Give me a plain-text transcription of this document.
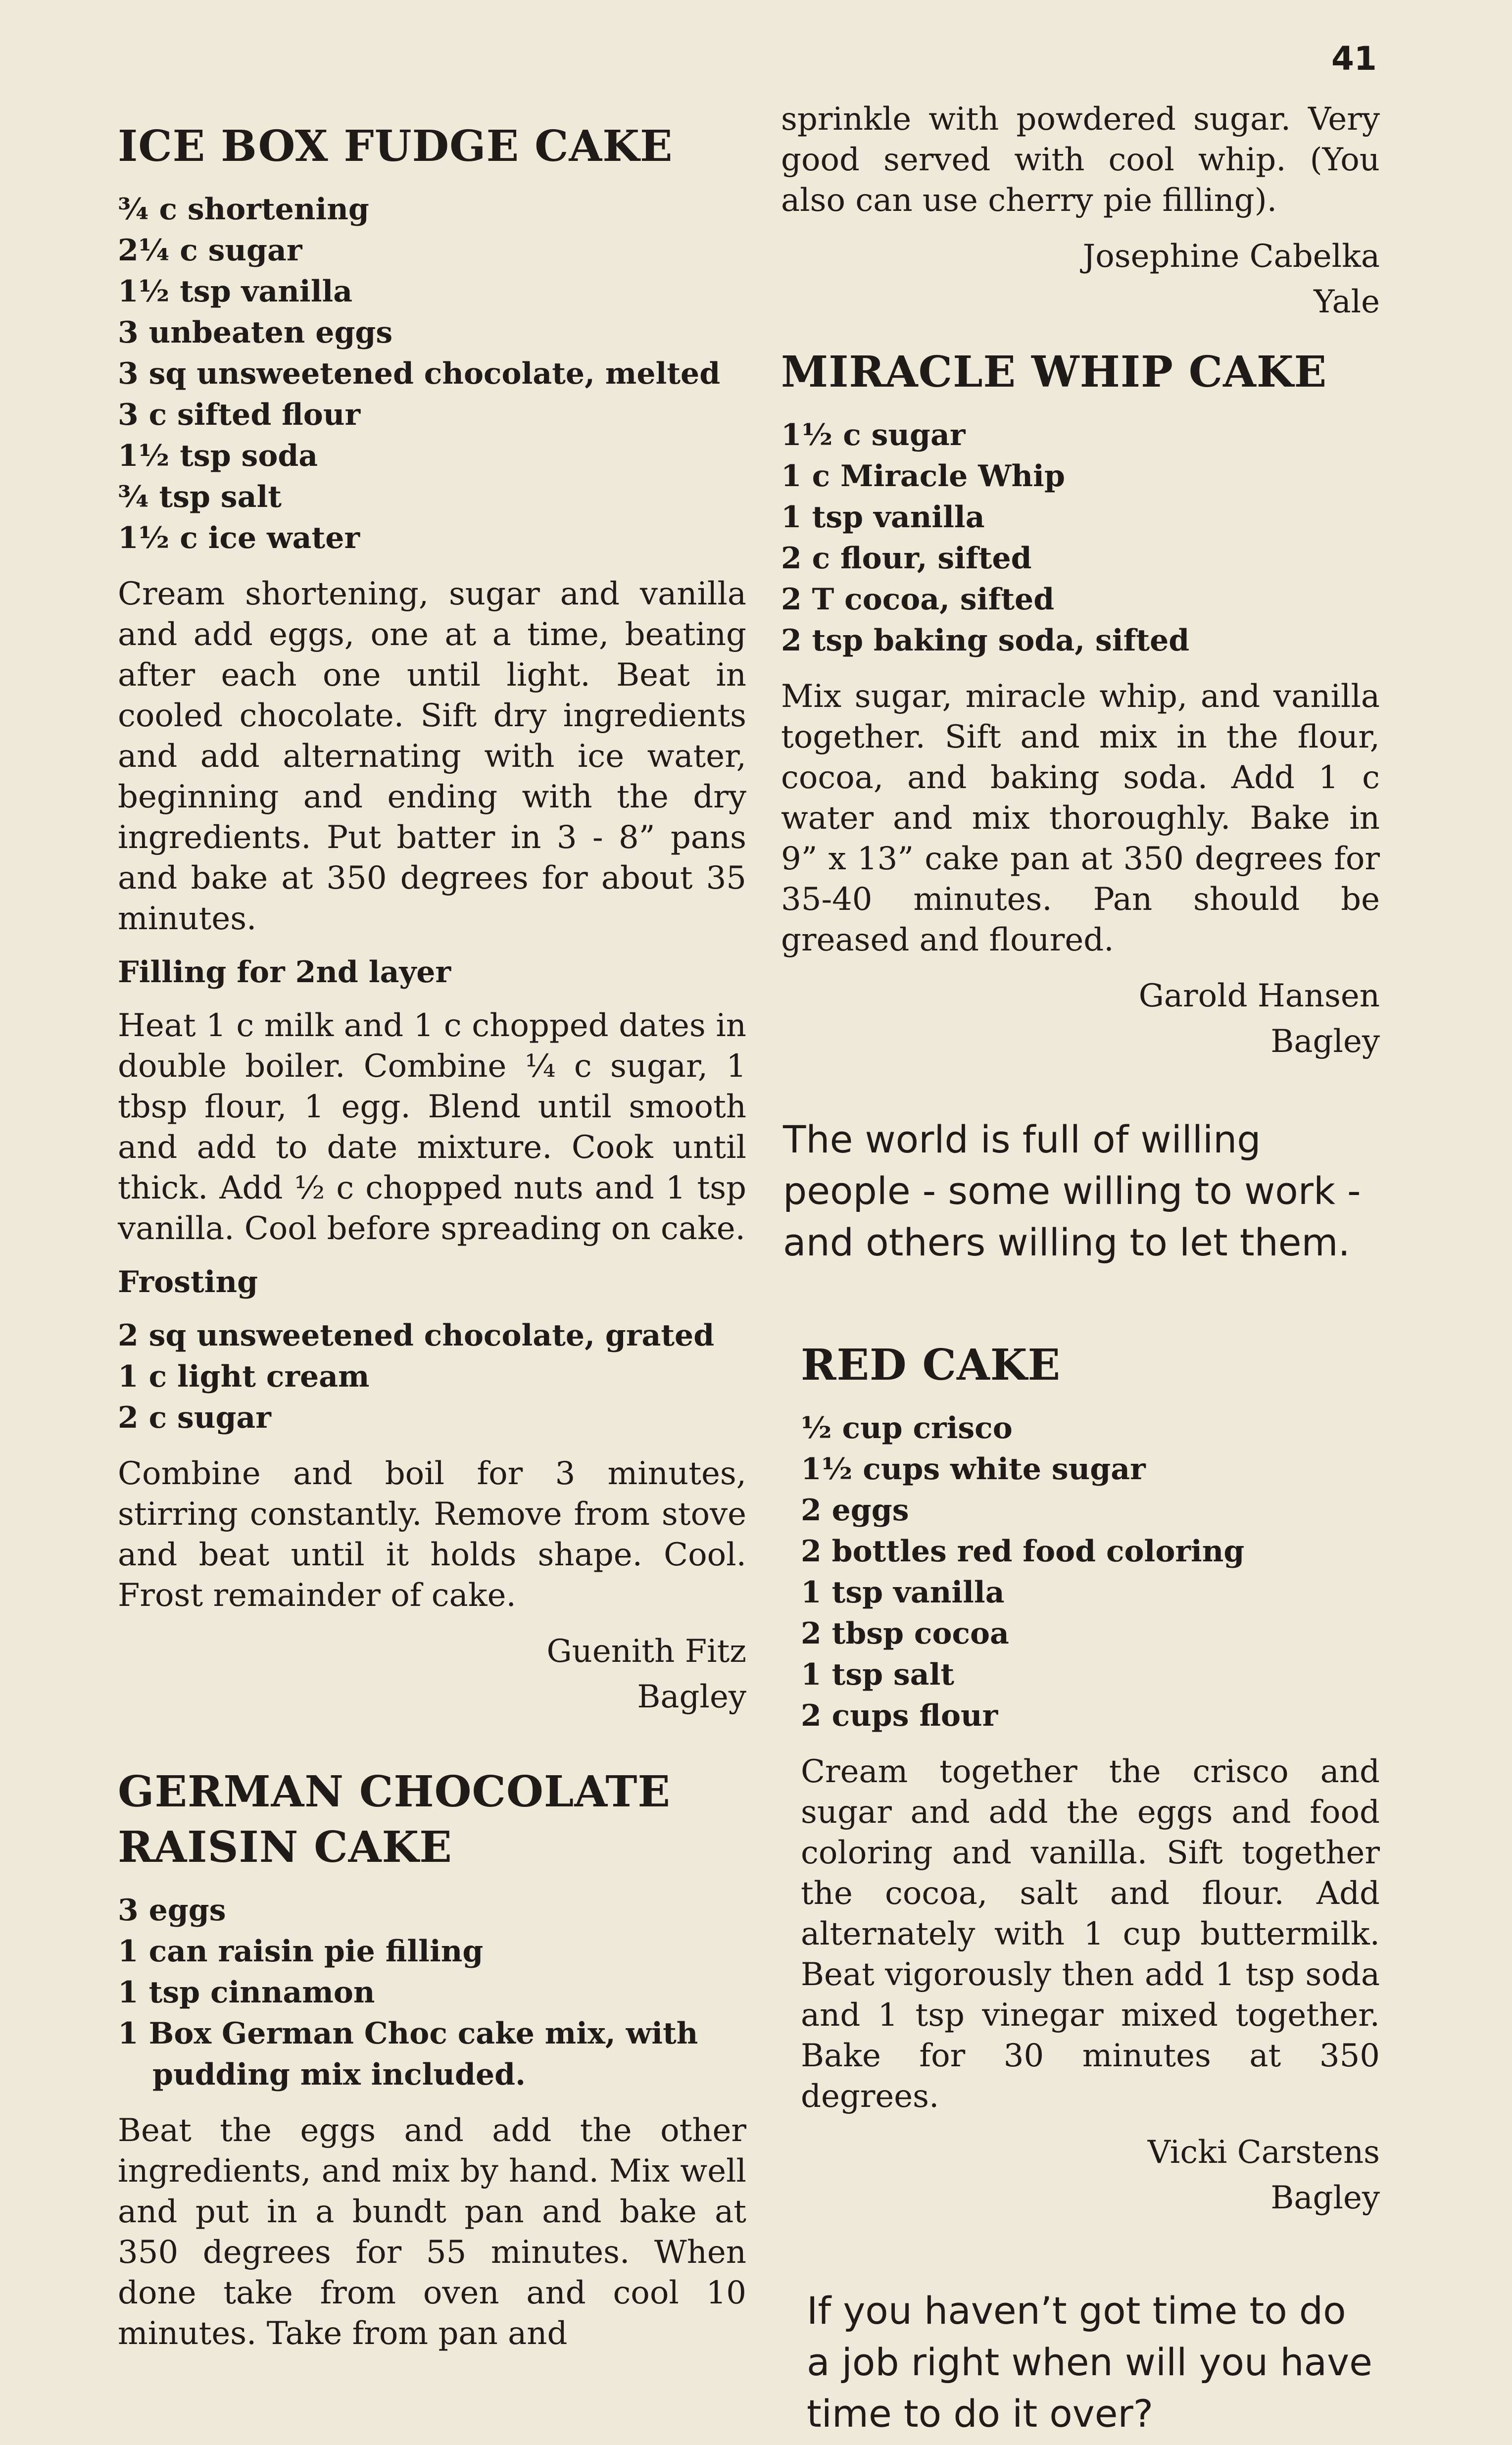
41
ICE BOX FUDGE CAKE
¾ c shortening
2¼ c sugar
1½ tsp vanilla
3 unbeaten eggs
3 sq unsweetened chocolate, melted
3 c sifted flour
1½ tsp soda
¾ tsp salt
1½ c ice water

Cream shortening, sugar and vanilla and add eggs, one at a time, beating after each one until light. Beat in cooled chocolate. Sift dry ingredients and add alternating with ice water, beginning and ending with the dry ingredients. Put batter in 3 - 8” pans and bake at 350 degrees for about 35 minutes.

Filling for 2nd layer

Heat 1 c milk and 1 c chopped dates in double boiler. Combine ¼ c sugar, 1 tbsp flour, 1 egg. Blend until smooth and add to date mixture. Cook until thick. Add ½ c chopped nuts and 1 tsp vanilla. Cool before spreading on cake.

Frosting

2 sq unsweetened chocolate, grated
1 c light cream
2 c sugar

Combine and boil for 3 minutes, stirring constantly. Remove from stove and beat until it holds shape. Cool. Frost remainder of cake.

Guenith Fitz

Bagley

GERMAN CHOCOLATE
RAISIN CAKE
3 eggs
1 can raisin pie filling
1 tsp cinnamon
1 Box German Choc cake mix, with pudding mix included.

Beat the eggs and add the other ingredients, and mix by hand. Mix well and put in a bundt pan and bake at 350 degrees for 55 minutes. When done take from oven and cool 10 minutes. Take from pan and

sprinkle with powdered sugar. Very good served with cool whip. (You also can use cherry pie filling).

Josephine Cabelka

Yale

MIRACLE WHIP CAKE
1½ c sugar
1 c Miracle Whip
1 tsp vanilla
2 c flour, sifted
2 T cocoa, sifted
2 tsp baking soda, sifted

Mix sugar, miracle whip, and vanilla together. Sift and mix in the flour, cocoa, and baking soda. Add 1 c water and mix thoroughly. Bake in 9” x 13” cake pan at 350 degrees for 35-40 minutes. Pan should be greased and floured.

Garold Hansen

Bagley

The world is full of willing people - some willing to work - and others willing to let them.

RED CAKE
½ cup crisco
1½ cups white sugar
2 eggs
2 bottles red food coloring
1 tsp vanilla
2 tbsp cocoa
1 tsp salt
2 cups flour

Cream together the crisco and sugar and add the eggs and food coloring and vanilla. Sift together the cocoa, salt and flour. Add alternately with 1 cup buttermilk. Beat vigorously then add 1 tsp soda and 1 tsp vinegar mixed together. Bake for 30 minutes at 350 degrees.

Vicki Carstens

Bagley

If you haven’t got time to do a job right when will you have time to do it over?
